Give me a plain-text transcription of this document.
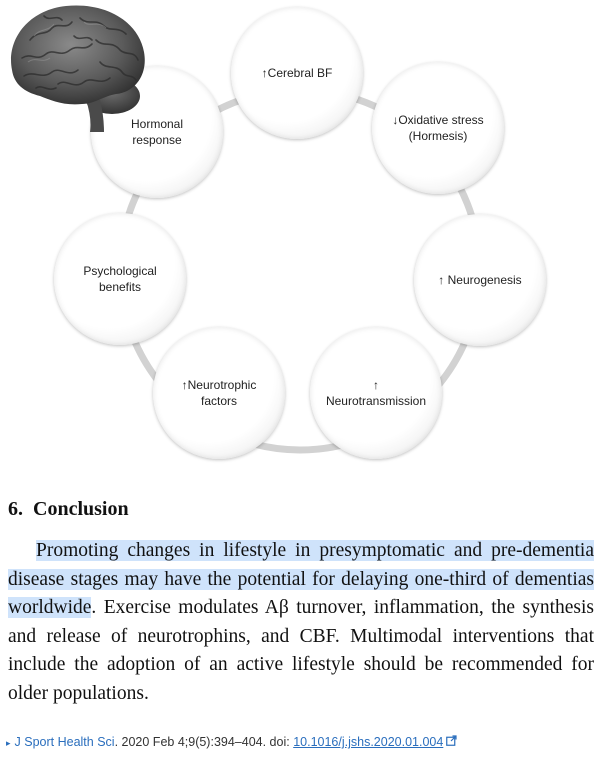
↑Cerebral BF
↓Oxidative stress
(Hormesis)
↑ Neurogenesis
↑
Neurotransmission
↑Neurotrophic
factors
Psychological
benefits
Hormonal
response
6. Conclusion

Promoting changes in lifestyle in presymptomatic and pre-dementia disease stages may have the potential for delaying one-third of dementias worldwide. Exercise modulates Aβ turnover, inflammation, the synthesis and release of neurotrophins, and CBF. Multimodal interventions that include the adoption of an active lifestyle should be recommended for older populations.

▸ J Sport Health Sci. 2020 Feb 4;9(5):394–404. doi: 10.1016/j.jshs.2020.01.004
